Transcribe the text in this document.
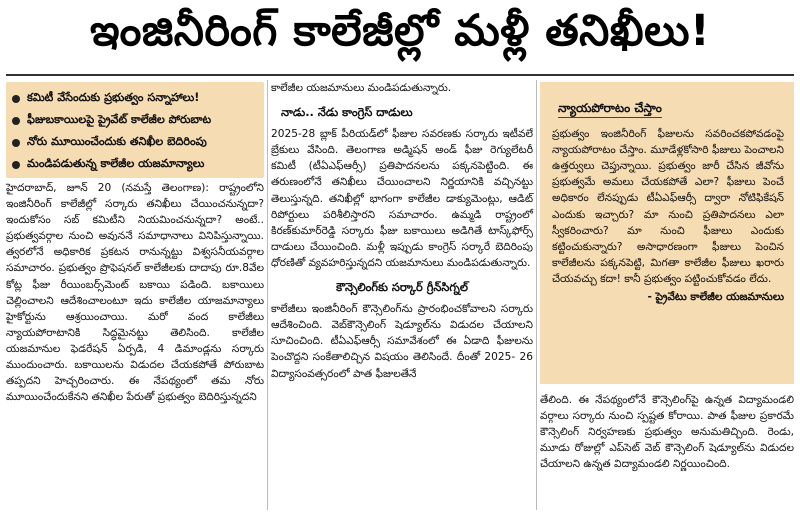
ఇంజినీరింగ్ కాలేజీల్లో మళ్లీ తనిఖీలు!
కమిటీ వేసేందుకు ప్రభుత్వం సన్నాహాలు!
ఫీజుబకాయిలపై ప్రైవేట్ కాలేజీల పోరుబాట
నోరు మూయించేందుకు తనిఖీల బెదిరింపు
మండిపడుతున్న కాలేజీల యజమాన్యాలు

హైదరాబాద్, జూన్ 20 (నమస్తే తెలంగాణ): రాష్ట్రంలోని ఇంజినీరింగ్ కాలేజీల్లో సర్కారు తనిఖీలు చేయించనున్నదా? ఇందుకోసం సబ్ కమిటీని నియమించనున్నదా? అంటే.. ప్రభుత్వవర్గాల నుంచి అవుననే సమాధానాలు వినిపిస్తున్నాయి. త్వరలోనే అధికారిక ప్రకటన రానున్నట్టు విశ్వసనీయవర్గాల సమాచారం. ప్రభుత్వం ప్రొఫెషనల్ కాలేజీలకు దాదాపు రూ.8వేల కోట్ల ఫీజు రీయింబర్స్‌మెంట్ బకాయి పడింది. బకాయిలు చెల్లించాలని ఆదేశించాలంటూ ఇదు కాలేజీల యాజమాన్యాలు హైకోర్టును ఆశ్రయించాయి. మరో వంద కాలేజీలు న్యాయపోరాటానికి సిద్ధమైనట్టు తెలిసింది. కాలేజీల యజమానుల ఫెడరేషన్ ఏర్పడి, 4 డిమాండ్లను సర్కారు ముందుంచారు. బకాయిలను విడుదల చేయకపోతే పోరుబాట తప్పదని హెచ్చరించారు. ఈ నేపథ్యంలో తమ నోరు మూయించేందుకేనని తనిఖీల పేరుతో ప్రభుత్వం బెదిరిస్తున్నదని

కాలేజీల యజమానులు మండిపడుతున్నారు.

నాడు.. నేడు కాంగ్రెస్ దాడులు

2025-28 బ్లాక్ పీరియడ్‌లో ఫీజుల సవరణకు సర్కారు ఇటీవలే బ్రేకులు వేసింది. తెలంగాణ అడ్మిషన్ అండ్ ఫీజు రెగ్యులేటరీ కమిటీ (టీఏఎఫ్‌ఆర్సీ) ప్రతిపాదనలను పక్కనపెట్టింది. ఈ తరుణంలోనే తనిఖీలు చేయించాలని నిర్ణయానికి వచ్చినట్టు తెలుస్తున్నది. తనిఖీల్లో భాగంగా కాలేజీల డాక్యుమెంట్లు, ఆడిట్ రిపోర్టులు పరిశీలిస్తారని సమాచారం. ఉమ్మడి రాష్ట్రంలో కిరణ్‌కుమార్‌రెడ్డి సర్కారు ఫీజు బకాయిలు అడిగితే టాస్క్‌ఫోర్స్ దాడులు చేయించింది. మళ్లీ ఇప్పుడు కాంగ్రెస్ సర్కారే బెదిరింపు ధోరణితో వ్యవహరిస్తున్నదని యజమానులు మండిపడుతున్నారు.

కౌన్సెలింగ్‌కు సర్కార్ గ్రీన్‌సిగ్నల్

కాలేజీలు ఇంజినీరింగ్ కౌన్సెలింగ్‌ను ప్రారంభించకోవాలని సర్కారు ఆదేశించింది. వెబ్‌కౌన్సెలింగ్ షెడ్యూల్‌ను విడుదల చేయాలని సూచించింది. టీఏఎఫ్‌ఆర్సీ సమావేశంలో ఈ ఏడాది ఫీజులను పెంచొద్దని సంకేతాలిచ్చిన విషయం తెలిసిందే. దీంతో 2025- 26 విద్యాసంవత్సరంలో పాత ఫీజులతేనే

న్యాయపోరాటం చేస్తాం

ప్రభుత్వం ఇంజినీరింగ్ ఫీజులను సవరించకపోవడంపై న్యాయపోరాటం చేస్తాం. మూడేళ్లకోసారి ఫీజులు పెంచాలని ఉత్తర్వులు చెప్తున్నాయి. ప్రభుత్వం జారీ చేసిన జీవోను ప్రభుత్వమే అమలు చేయకపోతే ఎలా? ఫీజులు పెంచే అధికారం లేనప్పుడు టీఏఎఫ్‌ఆర్సీ ద్వారా నోటిఫికేషన్ ఎందుకు ఇచ్చారు? మా నుంచి ప్రతిపాదనలు ఎలా స్వీకరించారు? మా నుంచి ఫీజులు ఎందుకు కట్టించుకున్నారు? అసాధారణంగా ఫీజులు పెంచిన కాలేజీలను పక్కనపెట్టి, మిగతా కాలేజీల ఫీజులు ఖరారు చేయవచ్చు కదా! కానీ ప్రభుత్వం పట్టించుకోవడం లేదు.

- ప్రైవేటు కాలేజీల యజమానులు

తేలింది. ఈ నేపథ్యంలోనే కౌన్సెలింగ్‌పై ఉన్నత విద్యామండలి వర్గాలు సర్కారు నుంచి స్పష్టత కోరాయి. పాత ఫీజుల ప్రకారమే కౌన్సెలింగ్ నిర్వహణకు ప్రభుత్వం అనుమతిచ్చింది. రెండు, మూడు రోజుల్లో ఎప్‌సెట్ వెబ్ కౌన్సెలింగ్ షెడ్యూల్‌ను విడుదల చేయాలని ఉన్నత విద్యామండలి నిర్ణయించింది.
